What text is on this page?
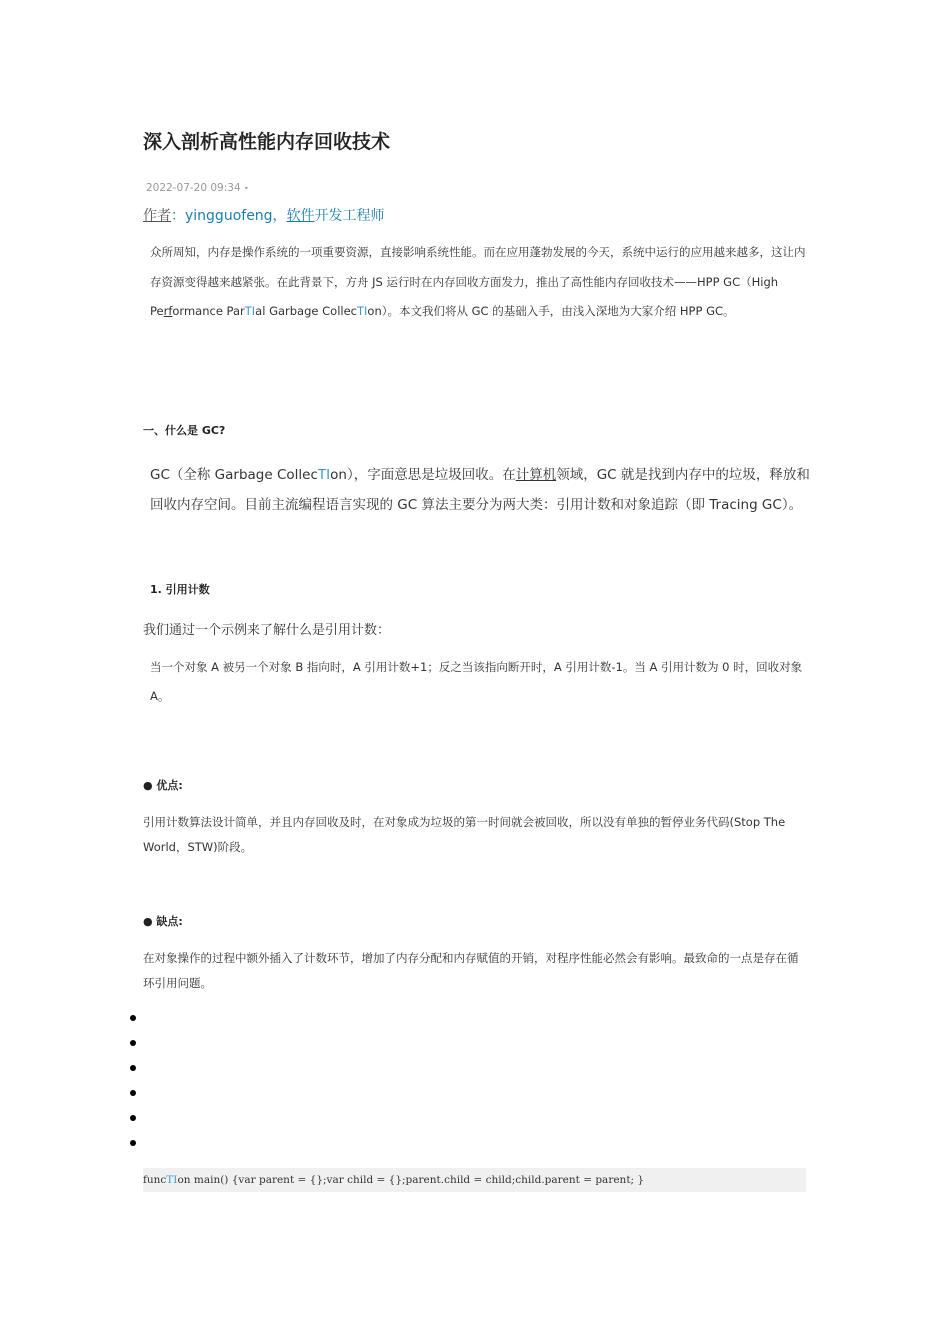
深入剖析高性能内存回收技术
2022-07-20 09:34 •
作者：yingguofeng，软件开发工程师
众所周知，内存是操作系统的一项重要资源，直接影响系统性能。而在应用蓬勃发展的今天，系统中运行的应用越来越多，这让内存资源变得越来越紧张。在此背景下，方舟 JS 运行时在内存回收方面发力，推出了高性能内存回收技术——HPP GC（High Performance ParTIal Garbage CollecTIon）。本文我们将从 GC 的基础入手，由浅入深地为大家介绍 HPP GC。
一、什么是 GC?
GC（全称 Garbage CollecTIon），字面意思是垃圾回收。在计算机领域，GC 就是找到内存中的垃圾，释放和回收内存空间。目前主流编程语言实现的 GC 算法主要分为两大类：引用计数和对象追踪（即 Tracing GC）。
1. 引用计数
我们通过一个示例来了解什么是引用计数：
当一个对象 A 被另一个对象 B 指向时，A 引用计数+1；反之当该指向断开时，A 引用计数-1。当 A 引用计数为 0 时，回收对象 A。
● 优点:
引用计数算法设计简单，并且内存回收及时，在对象成为垃圾的第一时间就会被回收，所以没有单独的暂停业务代码(Stop The World，STW)阶段。
● 缺点:
在对象操作的过程中额外插入了计数环节，增加了内存分配和内存赋值的开销，对程序性能必然会有影响。最致命的一点是存在循环引用问题。
funcTIon main() {var parent = {};var child = {};parent.child = child;child.parent = parent; }
